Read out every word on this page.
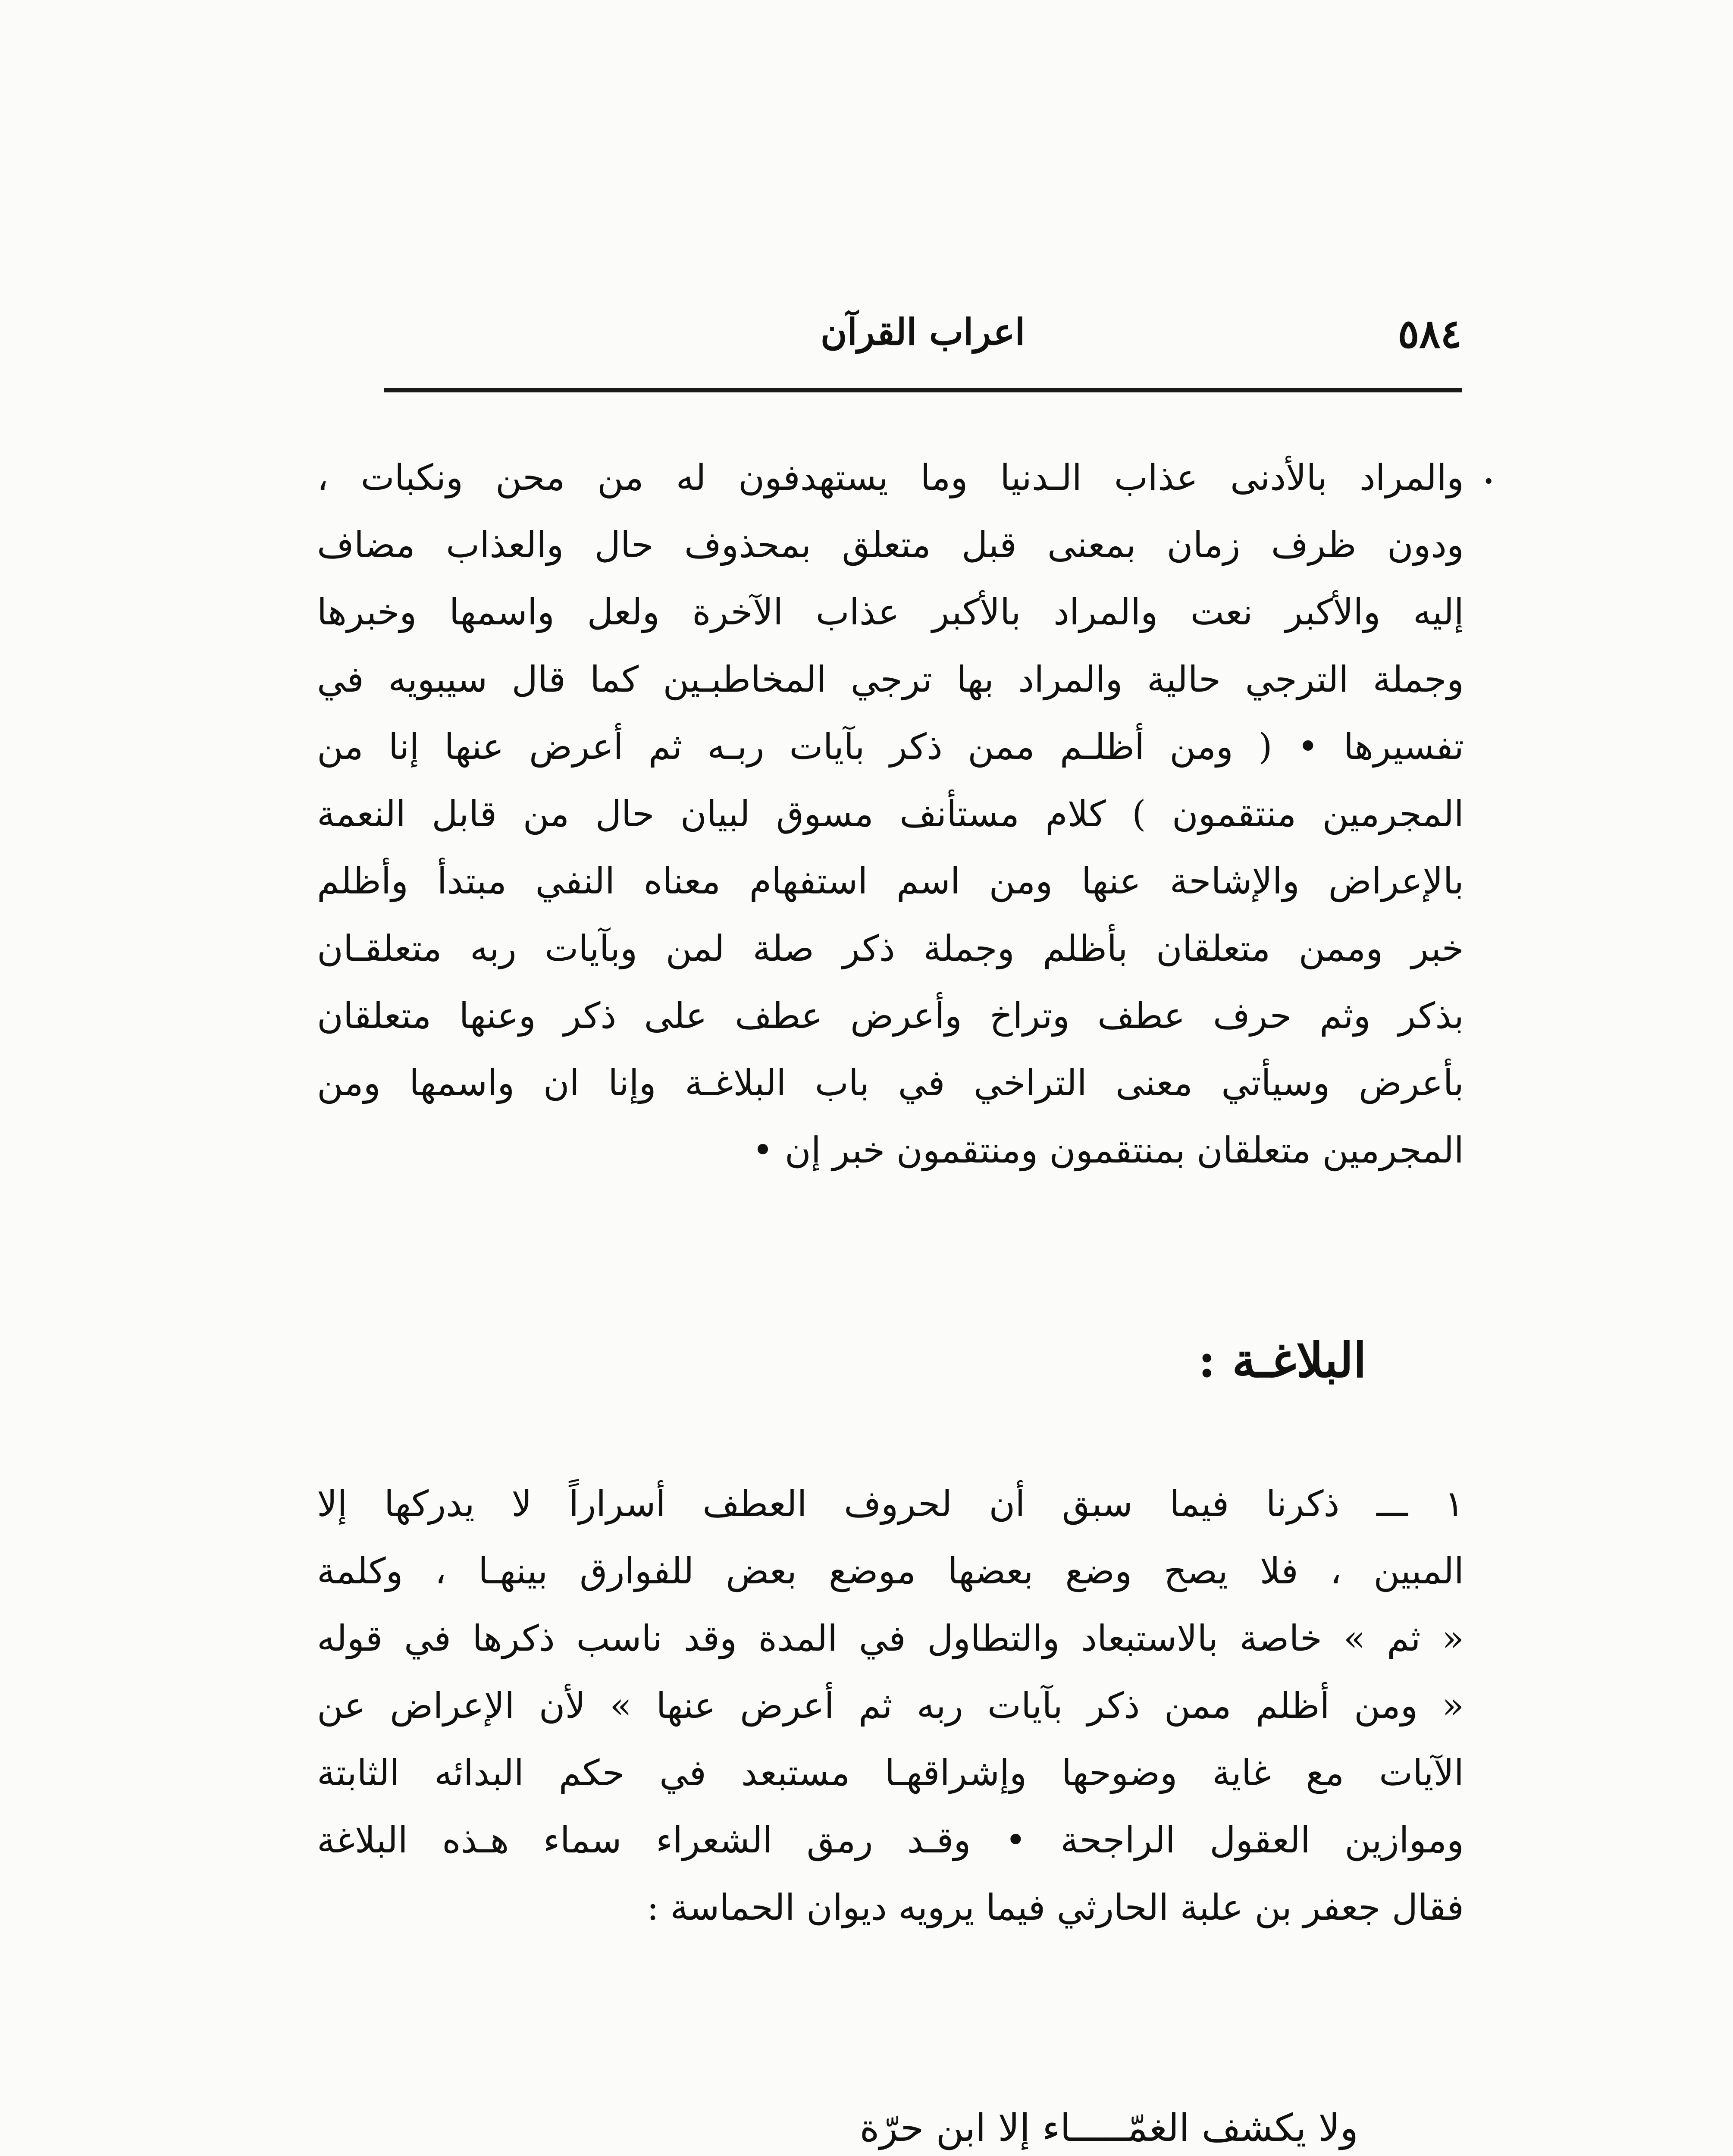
٥٨٤
اعراب القرآن
.
والمراد بالأدنى عذاب الـدنيا وما يستهدفون له من محن ونكبات ،
ودون ظرف زمان بمعنى قبل متعلق بمحذوف حال والعذاب مضاف
إليه والأكبر نعت والمراد بالأكبر عذاب الآخرة ولعل واسمها وخبرها
وجملة الترجي حالية والمراد بها ترجي المخاطبـين كما قال سيبويه في
تفسيرها • ( ومن أظلـم ممن ذكر بآيات ربـه ثم أعرض عنها إنا من
المجرمين منتقمون ) كلام مستأنف مسوق لبيان حال من قابل النعمة
بالإعراض والإشاحة عنها ومن اسم استفهام معناه النفي مبتدأ وأظلم
خبر وممن متعلقان بأظلم وجملة ذكر صلة لمن وبآيات ربه متعلقـان
بذكر وثم حرف عطف وتراخ وأعرض عطف على ذكر وعنها متعلقان
بأعرض وسيأتي معنى التراخي في باب البلاغـة وإنا ان واسمها ومن
المجرمين متعلقان بمنتقمون ومنتقمون خبر إن •
البلاغـة :
١ ـــ ذكرنا فيما سبق أن لحروف العطف أسراراً لا يدركها إلا
المبين ، فلا يصح وضع بعضها موضع بعض للفوارق بينهـا ، وكلمة
« ثم » خاصة بالاستبعاد والتطاول في المدة وقد ناسب ذكرها في قوله
« ومن أظلم ممن ذكر بآيات ربه ثم أعرض عنها » لأن الإعراض عن
الآيات مع غاية وضوحها وإشراقهـا مستبعد في حكم البدائه الثابتة
وموازين العقول الراجحة • وقـد رمق الشعراء سماء هـذه البلاغة
فقال جعفر بن علبة الحارثي فيما يرويه ديوان الحماسة :
ولا يكشف الغمّـــــاء إلا ابن حرّة
